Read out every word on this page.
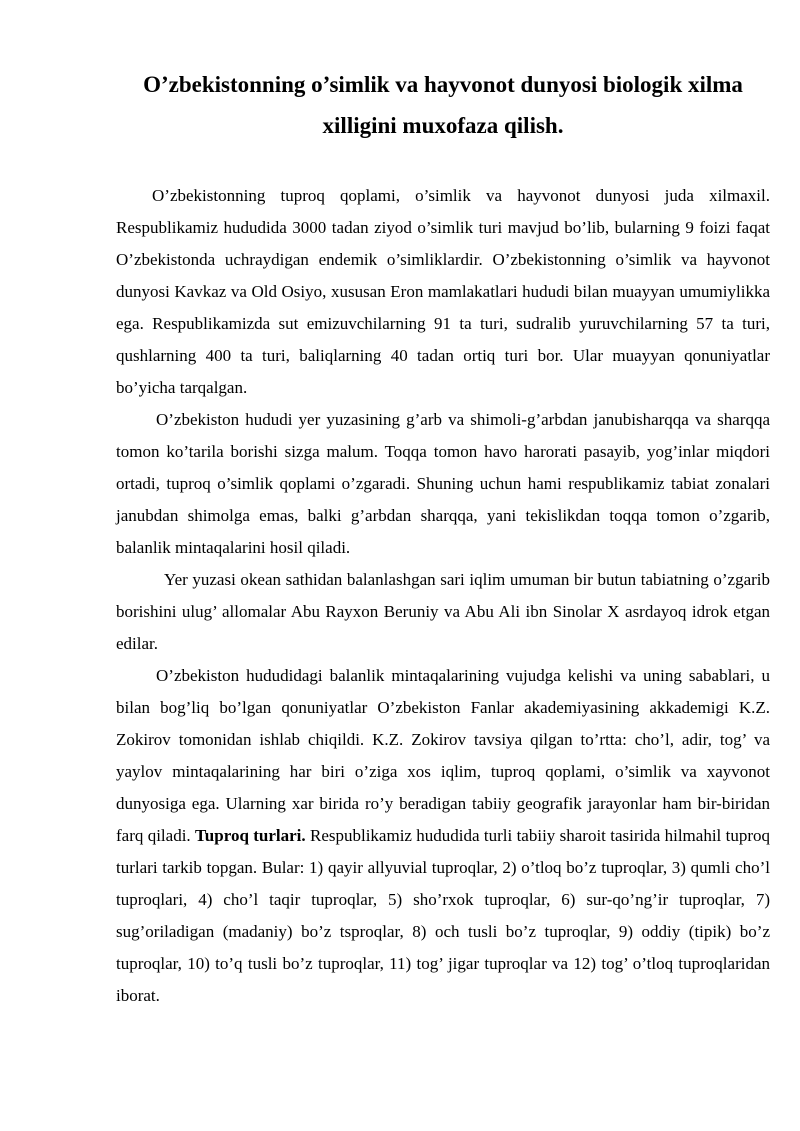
O’zbekistonning o’simlik va hayvonot dunyosi biologik xilma xilligini muxofaza qilish.

O’zbekistonning tuproq qoplami, o’simlik va hayvonot dunyosi juda xilmaxil. Respublikamiz hududida 3000 tadan ziyod o’simlik turi mavjud bo’lib, bularning 9 foizi faqat O’zbekistonda uchraydigan endemik o’simliklardir. O’zbekistonning o’simlik va hayvonot dunyosi Kavkaz va Old Osiyo, xususan Eron mamlakatlari hududi bilan muayyan umumiylikka ega. Respublikamizda sut emizuvchilarning 91 ta turi, sudralib yuruvchilarning 57 ta turi, qushlarning 400 ta turi, baliqlarning 40 tadan ortiq turi bor. Ular muayyan qonuniyatlar bo’yicha tarqalgan.

O’zbekiston hududi yer yuzasining g’arb va shimoli-g’arbdan janubisharqqa va sharqqa tomon ko’tarila borishi sizga malum. Toqqa tomon havo harorati pasayib, yog’inlar miqdori ortadi, tuproq o’simlik qoplami o’zgaradi. Shuning uchun hami respublikamiz tabiat zonalari janubdan shimolga emas, balki g’arbdan sharqqa, yani tekislikdan toqqa tomon o’zgarib, balanlik mintaqalarini hosil qiladi.

Yer yuzasi okean sathidan balanlashgan sari iqlim umuman bir butun tabiatning o’zgarib borishini ulug’ allomalar Abu Rayxon Beruniy va Abu Ali ibn Sinolar X asrdayoq idrok etgan edilar.

O’zbekiston hududidagi balanlik mintaqalarining vujudga kelishi va uning sabablari, u bilan bog’liq bo’lgan qonuniyatlar O’zbekiston Fanlar akademiyasining akkademigi K.Z. Zokirov tomonidan ishlab chiqildi. K.Z. Zokirov tavsiya qilgan to’rtta: cho’l, adir, tog’ va yaylov mintaqalarining har biri o’ziga xos iqlim, tuproq qoplami, o’simlik va xayvonot dunyosiga ega. Ularning xar birida ro’y beradigan tabiiy geografik jarayonlar ham bir-biridan farq qiladi. Tuproq turlari. Respublikamiz hududida turli tabiiy sharoit tasirida hilmahil tuproq turlari tarkib topgan. Bular: 1) qayir allyuvial tuproqlar, 2) o’tloq bo’z tuproqlar, 3) qumli cho’l tuproqlari, 4) cho’l taqir tuproqlar, 5) sho’rxok tuproqlar, 6) sur-qo’ng’ir tuproqlar, 7) sug’oriladigan (madaniy) bo’z tsproqlar, 8) och tusli bo’z tuproqlar, 9) oddiy (tipik) bo’z tuproqlar, 10) to’q tusli bo’z tuproqlar, 11) tog’ jigar tuproqlar va 12) tog’ o’tloq tuproqlaridan iborat.
